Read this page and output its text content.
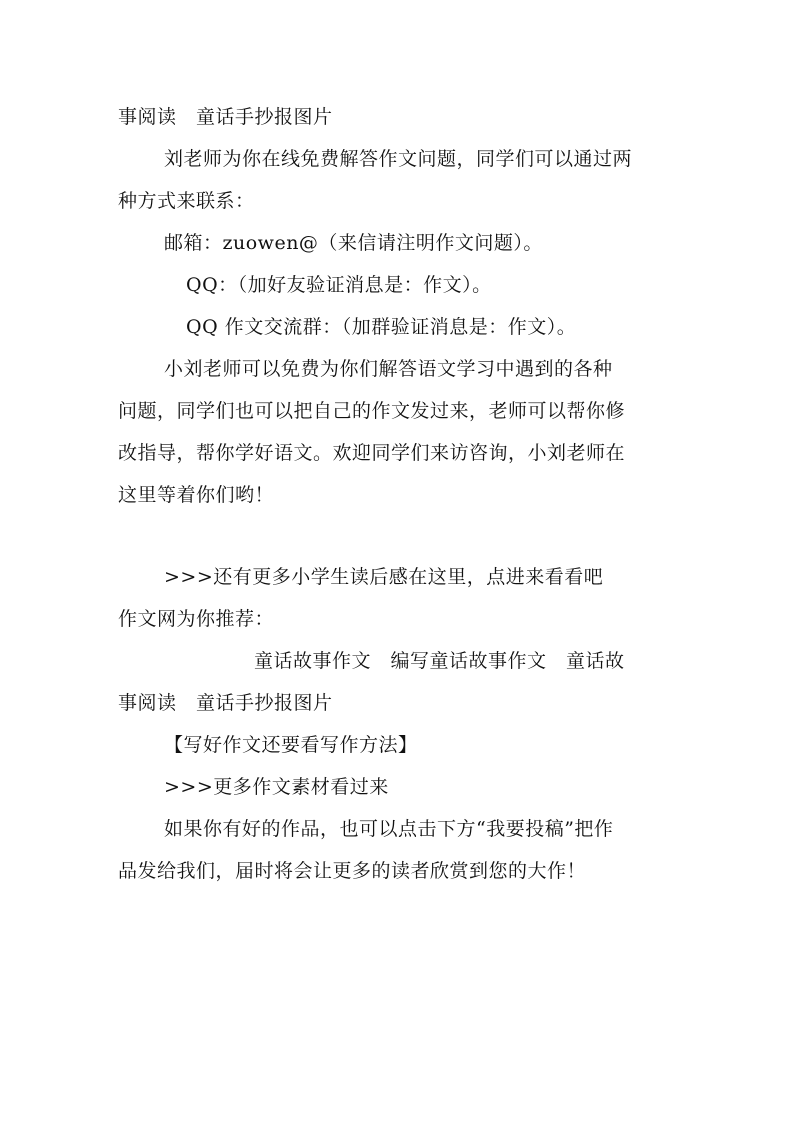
事阅读　童话手抄报图片
刘老师为你在线免费解答作文问题，同学们可以通过两
种方式来联系：
邮箱：zuowen@（来信请注明作文问题）。
QQ：（加好友验证消息是：作文）。
QQ 作文交流群：（加群验证消息是：作文）。
小刘老师可以免费为你们解答语文学习中遇到的各种
问题，同学们也可以把自己的作文发过来，老师可以帮你修
改指导，帮你学好语文。欢迎同学们来访咨询，小刘老师在
这里等着你们哟！
>>>还有更多小学生读后感在这里，点进来看看吧
作文网为你推荐：
童话故事作文　编写童话故事作文　童话故
事阅读　童话手抄报图片
【写好作文还要看写作方法】
>>>更多作文素材看过来
如果你有好的作品，也可以点击下方“我要投稿”把作
品发给我们，届时将会让更多的读者欣赏到您的大作！
